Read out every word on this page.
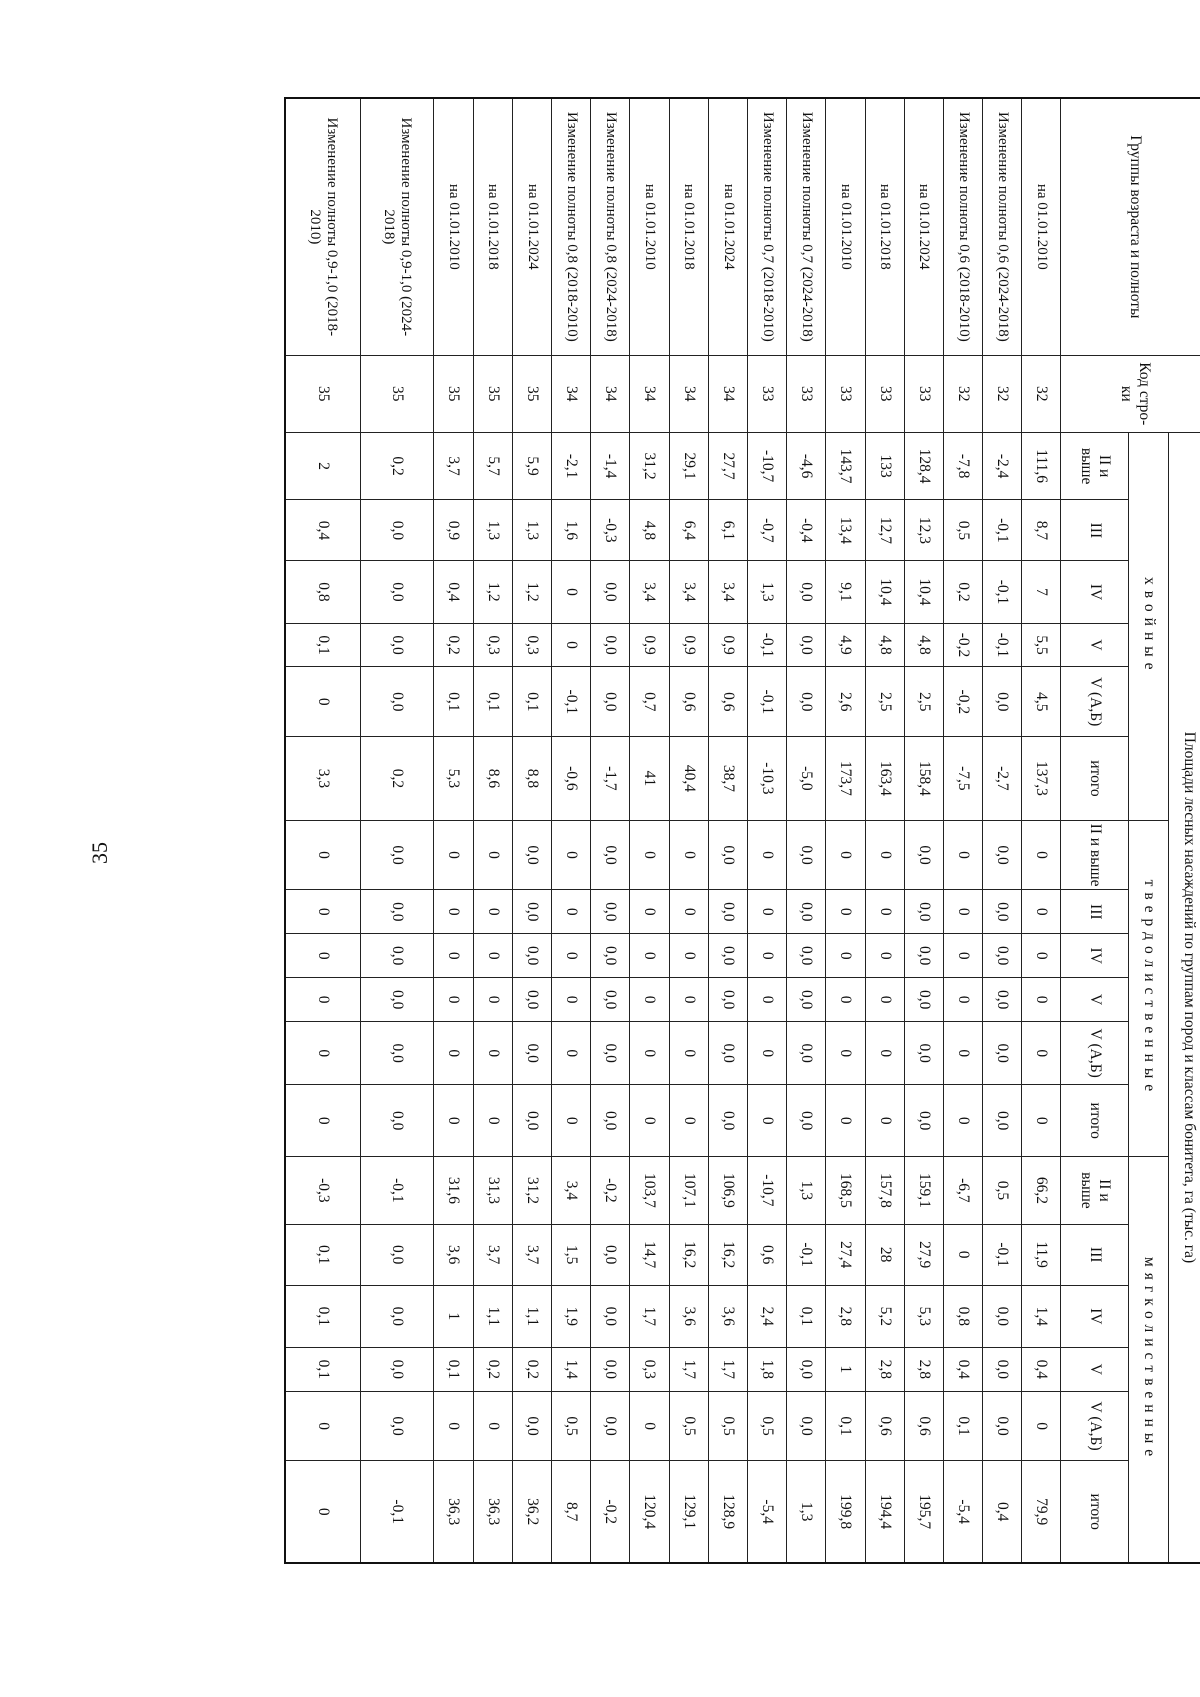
35
Группы возраста и полноты	Код стро-ки	Площади лесных насаждений по группам пород и классам бонитета, га (тыс. га)																	
		хвойные						твердолиственные						мягколиственные					
		II и выше	III	IV	V	V (А,Б)	итого	II и выше	III	IV	V	V (А,Б)	итого	II и выше	III	IV	V	V (А,Б)	итого
на 01.01.2010	32	111,6	8,7	7	5,5	4,5	137,3	0	0	0	0	0	0	66,2	11,9	1,4	0,4	0	79,9
Изменение полноты 0,6 (2024-2018)	32	-2,4	-0,1	-0,1	-0,1	0,0	-2,7	0,0	0,0	0,0	0,0	0,0	0,0	0,5	-0,1	0,0	0,0	0,0	0,4
Изменение полноты 0,6 (2018-2010)	32	-7,8	0,5	0,2	-0,2	-0,2	-7,5	0	0	0	0	0	0	-6,7	0	0,8	0,4	0,1	-5,4
на 01.01.2024	33	128,4	12,3	10,4	4,8	2,5	158,4	0,0	0,0	0,0	0,0	0,0	0,0	159,1	27,9	5,3	2,8	0,6	195,7
на 01.01.2018	33	133	12,7	10,4	4,8	2,5	163,4	0	0	0	0	0	0	157,8	28	5,2	2,8	0,6	194,4
на 01.01.2010	33	143,7	13,4	9,1	4,9	2,6	173,7	0	0	0	0	0	0	168,5	27,4	2,8	1	0,1	199,8
Изменение полноты 0,7 (2024-2018)	33	-4,6	-0,4	0,0	0,0	0,0	-5,0	0,0	0,0	0,0	0,0	0,0	0,0	1,3	-0,1	0,1	0,0	0,0	1,3
Изменение полноты 0,7 (2018-2010)	33	-10,7	-0,7	1,3	-0,1	-0,1	-10,3	0	0	0	0	0	0	-10,7	0,6	2,4	1,8	0,5	-5,4
на 01.01.2024	34	27,7	6,1	3,4	0,9	0,6	38,7	0,0	0,0	0,0	0,0	0,0	0,0	106,9	16,2	3,6	1,7	0,5	128,9
на 01.01.2018	34	29,1	6,4	3,4	0,9	0,6	40,4	0	0	0	0	0	0	107,1	16,2	3,6	1,7	0,5	129,1
на 01.01.2010	34	31,2	4,8	3,4	0,9	0,7	41	0	0	0	0	0	0	103,7	14,7	1,7	0,3	0	120,4
Изменение полноты 0,8 (2024-2018)	34	-1,4	-0,3	0,0	0,0	0,0	-1,7	0,0	0,0	0,0	0,0	0,0	0,0	-0,2	0,0	0,0	0,0	0,0	-0,2
Изменение полноты 0,8 (2018-2010)	34	-2,1	1,6	0	0	-0,1	-0,6	0	0	0	0	0	0	3,4	1,5	1,9	1,4	0,5	8,7
на 01.01.2024	35	5,9	1,3	1,2	0,3	0,1	8,8	0,0	0,0	0,0	0,0	0,0	0,0	31,2	3,7	1,1	0,2	0,0	36,2
на 01.01.2018	35	5,7	1,3	1,2	0,3	0,1	8,6	0	0	0	0	0	0	31,3	3,7	1,1	0,2	0	36,3
на 01.01.2010	35	3,7	0,9	0,4	0,2	0,1	5,3	0	0	0	0	0	0	31,6	3,6	1	0,1	0	36,3
Изменение полноты 0,9-1,0 (2024-2018)	35	0,2	0,0	0,0	0,0	0,0	0,2	0,0	0,0	0,0	0,0	0,0	0,0	-0,1	0,0	0,0	0,0	0,0	-0,1
Изменение полноты 0,9-1,0 (2018-2010)	35	2	0,4	0,8	0,1	0	3,3	0	0	0	0	0	0	-0,3	0,1	0,1	0,1	0	0
